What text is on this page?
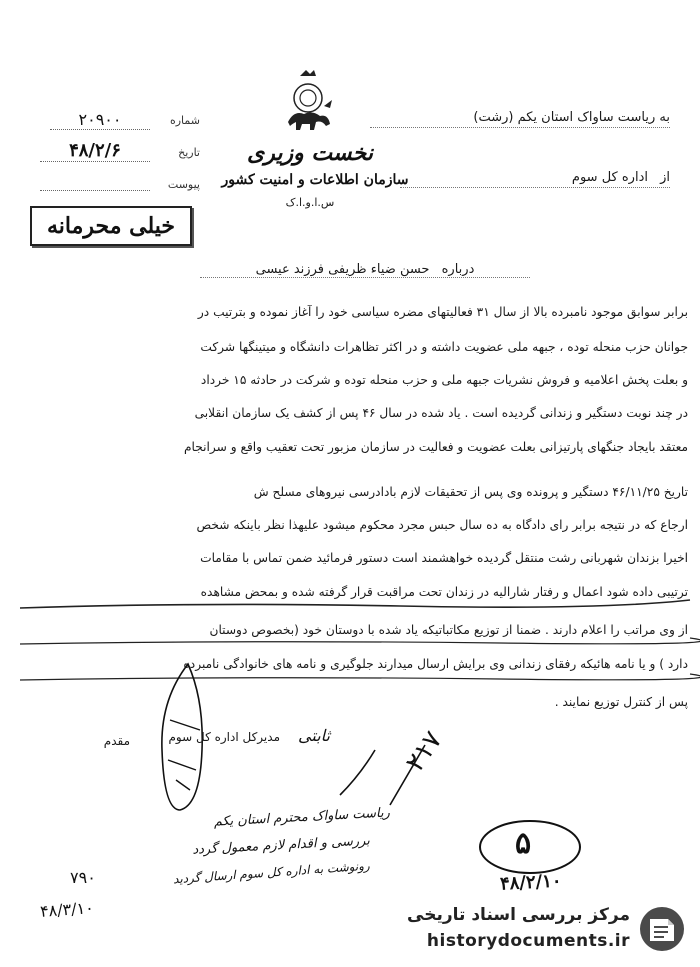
نخست وزیری
سازمان اطلاعات و امنیت کشور
س.ا.و.ا.ک
به ریاست ساواک استان یکم (رشت)
از اداره کل سوم
شماره
۲۰۹۰۰
تاریخ
۴۸/۲/۶
پیوست
خیلی محرمانه
درباره حسن ضیاء ظریفی فرزند عیسی
برابر سوابق موجود نامبرده بالا از سال ۳۱ فعالیتهای مضره سیاسی خود را آغاز نموده و بترتیب در
جوانان حزب منحله توده ، جبهه ملی عضویت داشته و در اکثر تظاهرات دانشگاه و میتینگها شرکت
و بعلت پخش اعلامیه و فروش نشریات جبهه ملی و حزب منحله توده و شرکت در حادثه ۱۵ خرداد
در چند نوبت دستگیر و زندانی گردیده است . یاد شده در سال ۴۶ پس از کشف یک سازمان انقلابی
معتقد بایجاد جنگهای پارتیزانی بعلت عضویت و فعالیت در سازمان مزبور تحت تعقیب واقع و سرانجام
تاریخ ۴۶/۱۱/۲۵ دستگیر و پرونده وی پس از تحقیقات لازم بادادرسی نیروهای مسلح ش
ارجاع که در نتیجه برابر رای دادگاه به ده سال حبس مجرد محکوم میشود علیهذا نظر باینکه شخص
اخیرا بزندان شهربانی رشت منتقل گردیده خواهشمند است دستور فرمائید ضمن تماس با مقامات
ترتیبی داده شود اعمال و رفتار شارالیه در زندان تحت مراقبت قرار گرفته شده و بمحض مشاهده
از وی مراتب را اعلام دارند . ضمنا از توزیع مکاتباتیکه یاد شده با دوستان خود (بخصوص دوستان
دارد ) و یا نامه هائیکه رفقای زندانی وی برایش ارسال میدارند جلوگیری و نامه های خانوادگی نامبرده
پس از کنترل توزیع نمایند .
ثابتی
مدیرکل اداره کل سوم
مقدم	۲۱۷
ریاست ساواک محترم استان یکم
بررسی و اقدام لازم معمول گردد
رونوشت به اداره کل سوم ارسال گردید
۷۹۰
۴۸/۳/۱۰
۵
۴۸/۲/۱۰
مرکز بررسی اسناد تاریخی
historydocuments.ir
